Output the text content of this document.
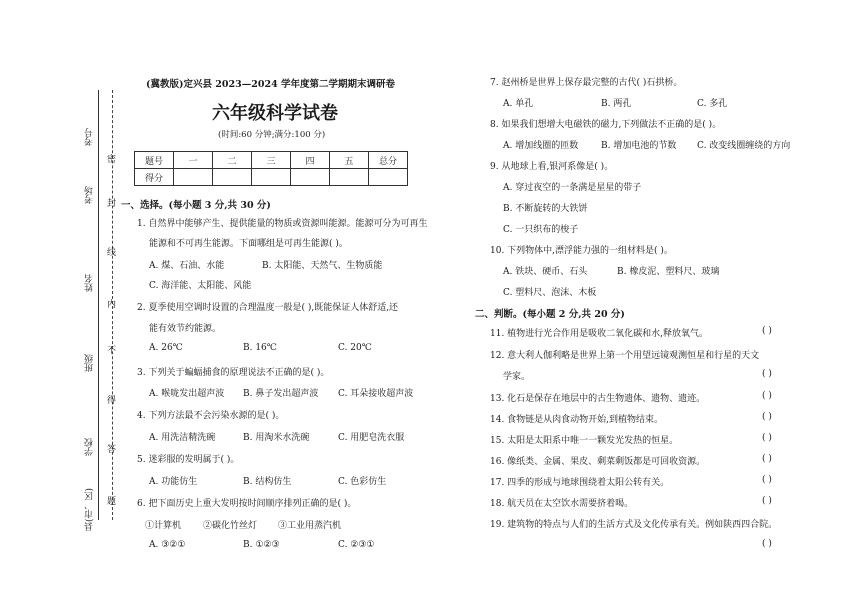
考号
考场
姓名
班级
学校
县(市、区)
密
封
线
内
不
得
答
题
(冀教版)定兴县 2023—2024 学年度第二学期期末调研卷
六年级科学试卷
(时间:60 分钟;满分:100 分)
题号	一	二	三	四	五	总分
得分						
一、选择。(每小题 3 分,共 30 分)
1. 自然界中能够产生、提供能量的物质或资源叫能源。能源可分为可再生
能源和不可再生能源。下面哪组是可再生能源( )。
A. 煤、石油、水能	B. 太阳能、天然气、生物质能
C. 海洋能、太阳能、风能
2. 夏季使用空调时设置的合理温度一般是( ),既能保证人体舒适,还
能有效节约能源。
A. 26℃	B. 16℃	C. 20℃
3. 下列关于蝙蝠捕食的原理说法不正确的是( )。
A. 喉咙发出超声波 B. 鼻子发出超声波 C. 耳朵接收超声波
4. 下列方法最不会污染水源的是( )。
A. 用洗洁精洗碗	B. 用淘米水洗碗	C. 用肥皂洗衣服
5. 迷彩服的发明属于( )。
A. 功能仿生	B. 结构仿生	C. 色彩仿生
6. 把下面历史上重大发明按时间顺序排列正确的是( )。
①计算机 ②碳化竹丝灯 ③工业用蒸汽机
A. ③②①	B. ①②③	C. ②③①
7. 赵州桥是世界上保存最完整的古代( )石拱桥。
A. 单孔	B. 两孔	C. 多孔
8. 如果我们想增大电磁铁的磁力,下列做法不正确的是( )。
A. 增加线圈的匝数	B. 增加电池的节数 C. 改变线圈缠绕的方向
9. 从地球上看,银河系像是( )。
A. 穿过夜空的一条满是星星的带子
B. 不断旋转的大铁饼
C. 一只织布的梭子
10. 下列物体中,漂浮能力强的一组材料是( )。
A. 铁块、硬币、石头	B. 橡皮泥、塑料尺、玻璃
C. 塑料尺、泡沫、木板
二、判断。(每小题 2 分,共 20 分)
11. 植物进行光合作用是吸收二氧化碳和水,释放氧气。	( )
12. 意大利人伽利略是世界上第一个用望远镜观测恒星和行星的天文
学家。	( )
13. 化石是保存在地层中的古生物遗体、遗物、遗迹。	( )
14. 食物链是从肉食动物开始,到植物结束。	( )
15. 太阳是太阳系中唯一一颗发光发热的恒星。	( )
16. 像纸类、金属、果皮、剩菜剩饭都是可回收资源。	( )
17. 四季的形成与地球围绕着太阳公转有关。	( )
18. 航天员在太空饮水需要挤着喝。	( )
19. 建筑物的特点与人们的生活方式及文化传承有关。例如陕西四合院。
( )
